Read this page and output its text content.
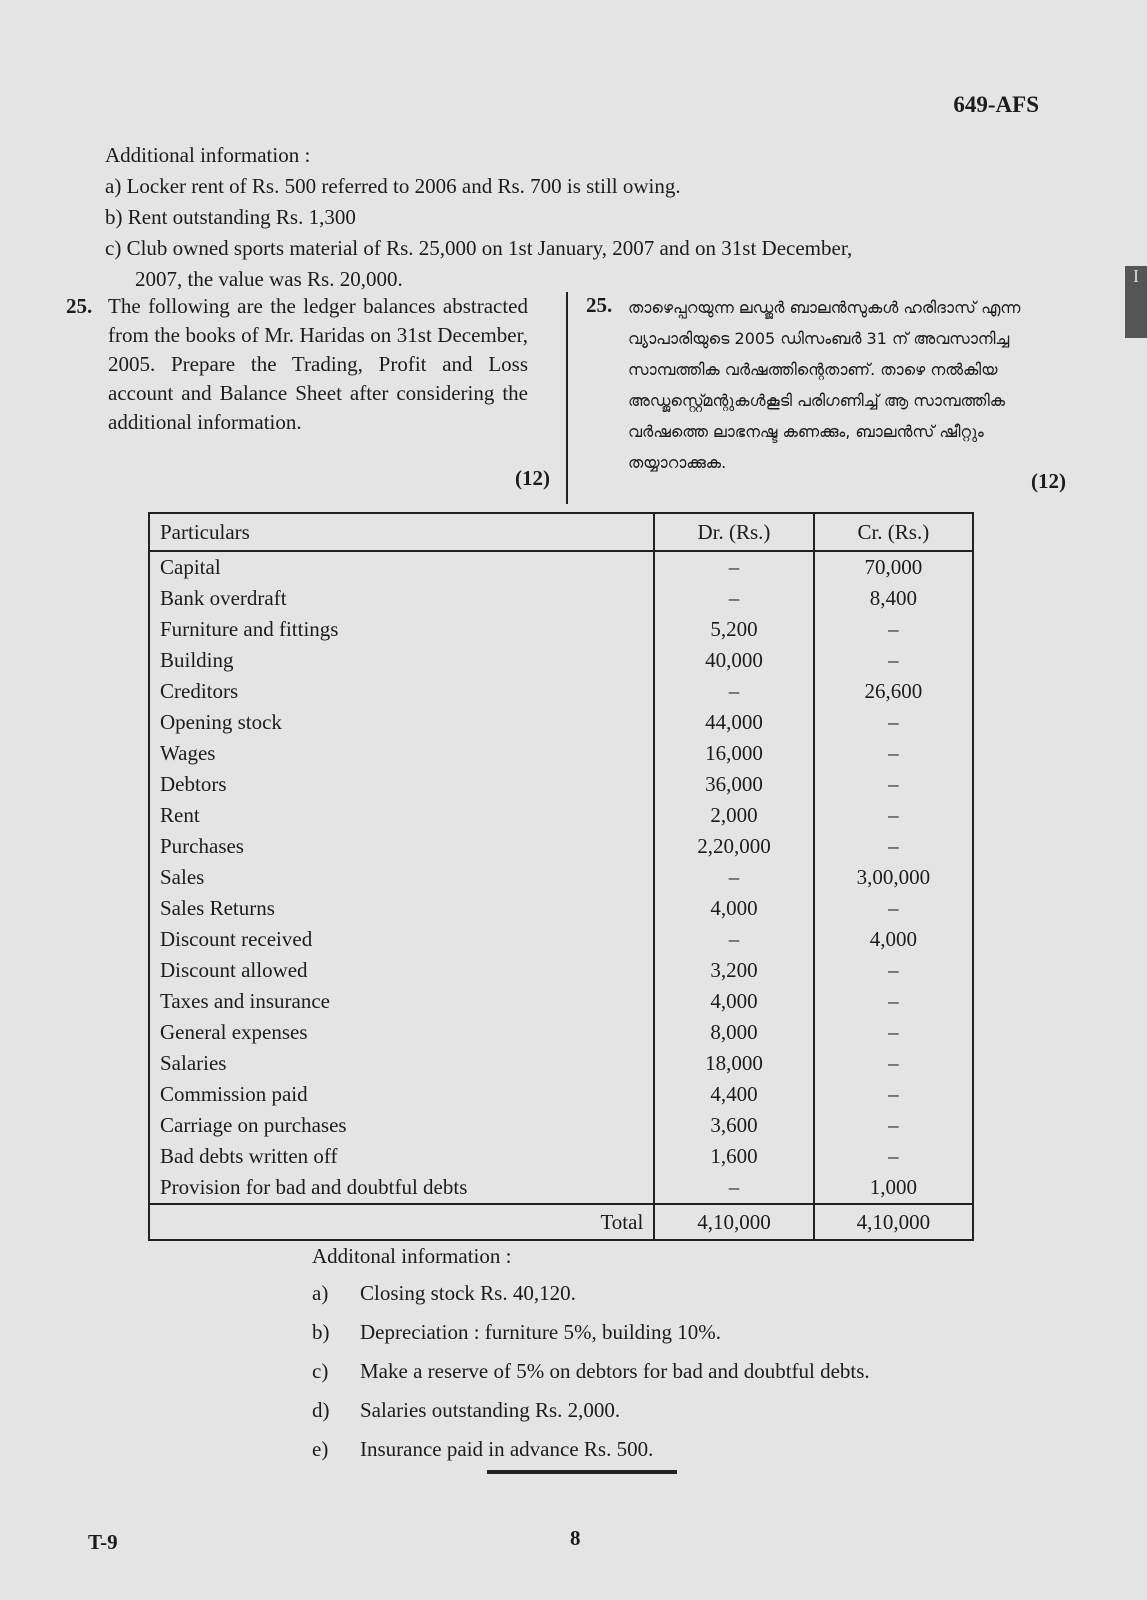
649-AFS
I
Additional information :
a) Locker rent of Rs. 500 referred to 2006 and Rs. 700 is still owing.
b) Rent outstanding Rs. 1,300
c) Club owned sports material of Rs. 25,000 on 1st January, 2007 and on 31st December,
2007, the value was Rs. 20,000.
25. The following are the ledger balances abstracted from the books of Mr. Haridas on 31st December, 2005. Prepare the Trading, Profit and Loss account and Balance Sheet after considering the additional information.
(12)
25. താഴെപ്പറയുന്ന ലഡ്ജർ ബാലൻസുകൾ ഹരിദാസ് എന്ന വ്യാപാരിയുടെ 2005 ഡിസംബർ 31 ന് അവസാനിച്ച സാമ്പത്തിക വർഷത്തിന്റെതാണ്. താഴെ നൽകിയ അഡ്ജസ്റ്റ്മെന്റുകൾകൂടി പരിഗണിച്ച് ആ സാമ്പത്തിക വർഷത്തെ ലാഭനഷ്ട കണക്കും, ബാലൻസ് ഷീറ്റും തയ്യാറാക്കുക.
(12)
Particulars	Dr. (Rs.)	Cr. (Rs.)
Capital	–	70,000
Bank overdraft	–	8,400
Furniture and fittings	5,200	–
Building	40,000	–
Creditors	–	26,600
Opening stock	44,000	–
Wages	16,000	–
Debtors	36,000	–
Rent	2,000	–
Purchases	2,20,000	–
Sales	–	3,00,000
Sales Returns	4,000	–
Discount received	–	4,000
Discount allowed	3,200	–
Taxes and insurance	4,000	–
General expenses	8,000	–
Salaries	18,000	–
Commission paid	4,400	–
Carriage on purchases	3,600	–
Bad debts written off	1,600	–
Provision for bad and doubtful debts	–	1,000
Total	4,10,000	4,10,000
Additonal information :
a)	Closing stock Rs. 40,120.
b)	Depreciation : furniture 5%, building 10%.
c)	Make a reserve of 5% on debtors for bad and doubtful debts.
d)	Salaries outstanding Rs. 2,000.
e)	Insurance paid in advance Rs. 500.
T-9	8
